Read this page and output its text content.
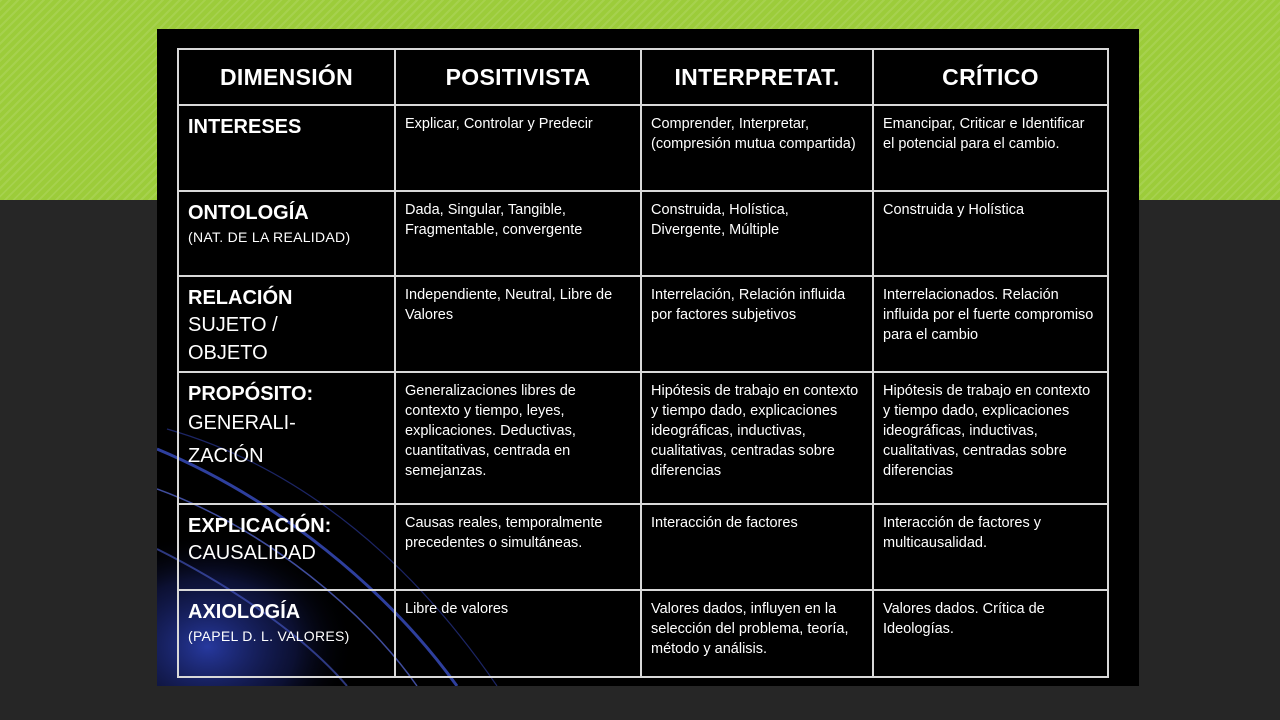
DIMENSIÓN	POSITIVISTA	INTERPRETAT.	CRÍTICO

INTERESES	Explicar, Controlar y Predecir	Comprender, Interpretar, (compresión mutua compartida)	Emancipar, Criticar e Identificar el potencial para el cambio.

ONTOLOGÍA
(NAT. DE LA REALIDAD)	Dada, Singular, Tangible, Fragmentable, convergente	Construida, Holística, Divergente, Múltiple	Construida y Holística

RELACIÓN
SUJETO / OBJETO	Independiente, Neutral, Libre de Valores	Interrelación, Relación influida por factores subjetivos	Interrelacionados. Relación influida por el fuerte compromiso para el cambio

PROPÓSITO:
GENERALI-ZACIÓN	Generalizaciones libres de contexto y tiempo, leyes, explicaciones. Deductivas, cuantitativas, centrada en semejanzas.	Hipótesis de trabajo en contexto y tiempo dado, explicaciones ideográficas, inductivas, cualitativas, centradas sobre diferencias	Hipótesis de trabajo en contexto y tiempo dado, explicaciones ideográficas, inductivas, cualitativas, centradas sobre diferencias

EXPLICACIÓN:
CAUSALIDAD	Causas reales, temporalmente precedentes o simultáneas.	Interacción de factores	Interacción de factores y multicausalidad.

AXIOLOGÍA
(PAPEL D. L. VALORES)	Libre de valores	Valores dados, influyen en la selección del problema, teoría, método y análisis.	Valores dados. Crítica de Ideologías.
